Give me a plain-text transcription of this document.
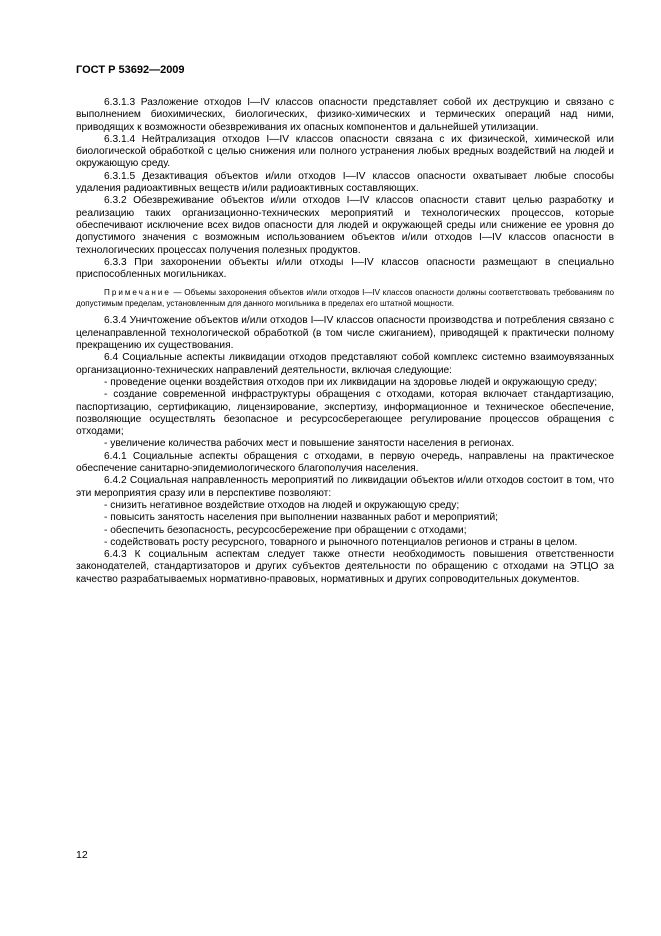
ГОСТ Р 53692—2009

6.3.1.3 Разложение отходов I—IV классов опасности представляет собой их деструкцию и связано с выполнением биохимических, биологических, физико-химических и термических операций над ними, приводящих к возможности обезвреживания их опасных компонентов и дальнейшей утилизации.

6.3.1.4 Нейтрализация отходов I—IV классов опасности связана с их физической, химической или биологической обработкой с целью снижения или полного устранения любых вредных воздействий на людей и окружающую среду.

6.3.1.5 Дезактивация объектов и/или отходов I—IV классов опасности охватывает любые способы удаления радиоактивных веществ и/или радиоактивных составляющих.

6.3.2 Обезвреживание объектов и/или отходов I—IV классов опасности ставит целью разработку и реализацию таких организационно-технических мероприятий и технологических процессов, которые обеспечивают исключение всех видов опасности для людей и окружающей среды или снижение ее уровня до допустимого значения с возможным использованием объектов и/или отходов I—IV классов опасности в технологических процессах получения полезных продуктов.

6.3.3 При захоронении объекты и/или отходы I—IV классов опасности размещают в специально приспособленных могильниках.

Примечание — Объемы захоронения объектов и/или отходов I—IV классов опасности должны соответствовать требованиям по допустимым пределам, установленным для данного могильника в пределах его штатной мощности.

6.3.4 Уничтожение объектов и/или отходов I—IV классов опасности производства и потребления связано с целенаправленной технологической обработкой (в том числе сжиганием), приводящей к практически полному прекращению их существования.

6.4 Социальные аспекты ликвидации отходов представляют собой комплекс системно взаимоувязанных организационно-технических направлений деятельности, включая следующие:

- проведение оценки воздействия отходов при их ликвидации на здоровье людей и окружающую среду;

- создание современной инфраструктуры обращения с отходами, которая включает стандартизацию, паспортизацию, сертификацию, лицензирование, экспертизу, информационное и техническое обеспечение, позволяющие осуществлять безопасное и ресурсосберегающее регулирование процессов обращения с отходами;

- увеличение количества рабочих мест и повышение занятости населения в регионах.

6.4.1 Социальные аспекты обращения с отходами, в первую очередь, направлены на практическое обеспечение санитарно-эпидемиологического благополучия населения.

6.4.2 Социальная направленность мероприятий по ликвидации объектов и/или отходов состоит в том, что эти мероприятия сразу или в перспективе позволяют:

- снизить негативное воздействие отходов на людей и окружающую среду;

- повысить занятость населения при выполнении названных работ и мероприятий;

- обеспечить безопасность, ресурсосбережение при обращении с отходами;

- содействовать росту ресурсного, товарного и рыночного потенциалов регионов и страны в целом.

6.4.3 К социальным аспектам следует также отнести необходимость повышения ответственности законодателей, стандартизаторов и других субъектов деятельности по обращению с отходами на ЭТЦО за качество разрабатываемых нормативно-правовых, нормативных и других сопроводительных документов.

12
